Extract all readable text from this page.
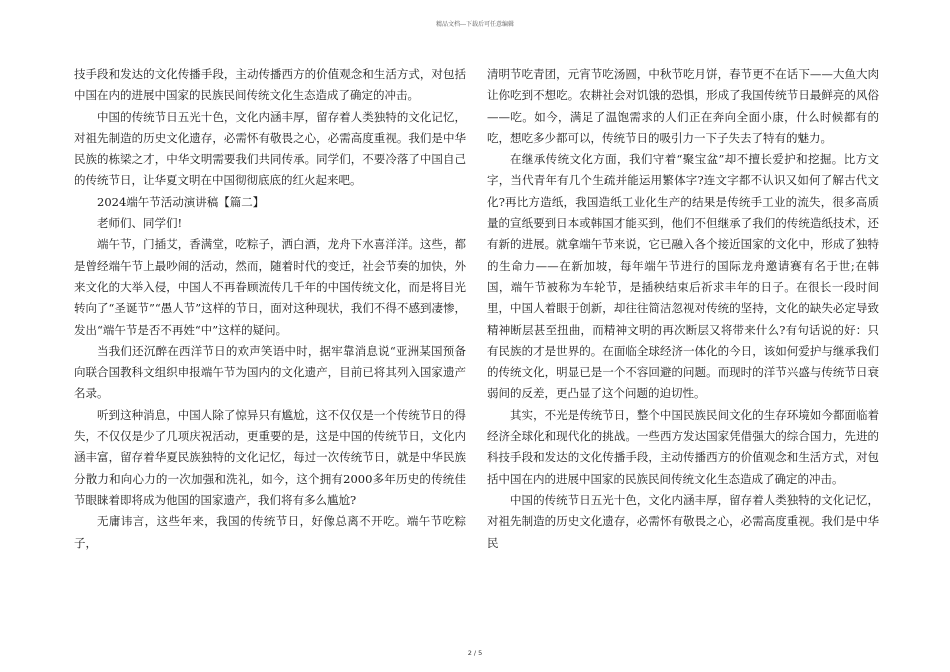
精品文档---下载后可任意编辑

技手段和发达的文化传播手段，主动传播西方的价值观念和生活方式，对包括中国在内的进展中国家的民族民间传统文化生态造成了确定的冲击。

中国的传统节日五光十色，文化内涵丰厚，留存着人类独特的文化记忆，对祖先制造的历史文化遗存，必需怀有敬畏之心，必需高度重视。我们是中华民族的栋梁之才，中华文明需要我们共同传承。同学们，不要冷落了中国自己的传统节日，让华夏文明在中国彻彻底底的红火起来吧。

2024端午节活动演讲稿【篇二】

老师们、同学们!

端午节，门插艾，香满堂，吃粽子，洒白酒，龙舟下水喜洋洋。这些，都是曾经端午节上最吵闹的活动，然而，随着时代的变迁，社会节奏的加快，外来文化的大举入侵，中国人不再眷顾流传几千年的中国传统文化，而是将目光转向了“圣诞节”“愚人节”这样的节日，面对这种现状，我们不得不感到凄惨，发出“端午节是否不再姓“中”这样的疑问。

当我们还沉醉在西洋节日的欢声笑语中时，据牢靠消息说“亚洲某国预备向联合国教科文组织申报端午节为国内的文化遗产，目前已将其列入国家遗产名录。

听到这种消息，中国人除了惊异只有尴尬，这不仅仅是一个传统节日的得失，不仅仅是少了几项庆祝活动，更重要的是，这是中国的传统节日，文化内涵丰富，留存着华夏民族独特的文化记忆，每过一次传统节日，就是中华民族分散力和向心力的一次加强和洗礼，如今，这个拥有2000多年历史的传统佳节眼睐着即将成为他国的国家遗产，我们将有多么尴尬?

无庸讳言，这些年来，我国的传统节日，好像总离不开吃。端午节吃粽子，

清明节吃青团，元宵节吃汤圆，中秋节吃月饼，春节更不在话下——大鱼大肉让你吃到不想吃。农耕社会对饥饿的恐惧，形成了我国传统节日最鲜亮的风俗——吃。如今，满足了温饱需求的人们正在奔向全面小康，什么时候都有的吃，想吃多少都可以，传统节日的吸引力一下子失去了特有的魅力。

在继承传统文化方面，我们守着“聚宝盆”却不擅长爱护和挖掘。比方文字，当代青年有几个生疏并能运用繁体字?连文字都不认识又如何了解古代文化?再比方造纸，我国造纸工业化生产的结果是传统手工业的流失，很多高质量的宣纸要到日本或韩国才能买到，他们不但继承了我们的传统造纸技术，还有新的进展。就拿端午节来说，它已融入各个接近国家的文化中，形成了独特的生命力——在新加坡，每年端午节进行的国际龙舟邀请赛有名于世;在韩国，端午节被称为车轮节，是插秧结束后祈求丰年的日子。在很长一段时间里，中国人着眼于创新，却往往简洁忽视对传统的坚持，文化的缺失必定导致精神断层甚至扭曲，而精神文明的再次断层又将带来什么?有句话说的好：只有民族的才是世界的。在面临全球经济一体化的今日，该如何爱护与继承我们的传统文化，明显已是一个不容回避的问题。而现时的洋节兴盛与传统节日衰弱间的反差，更凸显了这个问题的迫切性。

其实，不光是传统节日，整个中国民族民间文化的生存环境如今都面临着经济全球化和现代化的挑战。一些西方发达国家凭借强大的综合国力，先进的科技手段和发达的文化传播手段，主动传播西方的价值观念和生活方式，对包括中国在内的进展中国家的民族民间传统文化生态造成了确定的冲击。

中国的传统节日五光十色，文化内涵丰厚，留存着人类独特的文化记忆，对祖先制造的历史文化遗存，必需怀有敬畏之心，必需高度重视。我们是中华民

2 / 5
